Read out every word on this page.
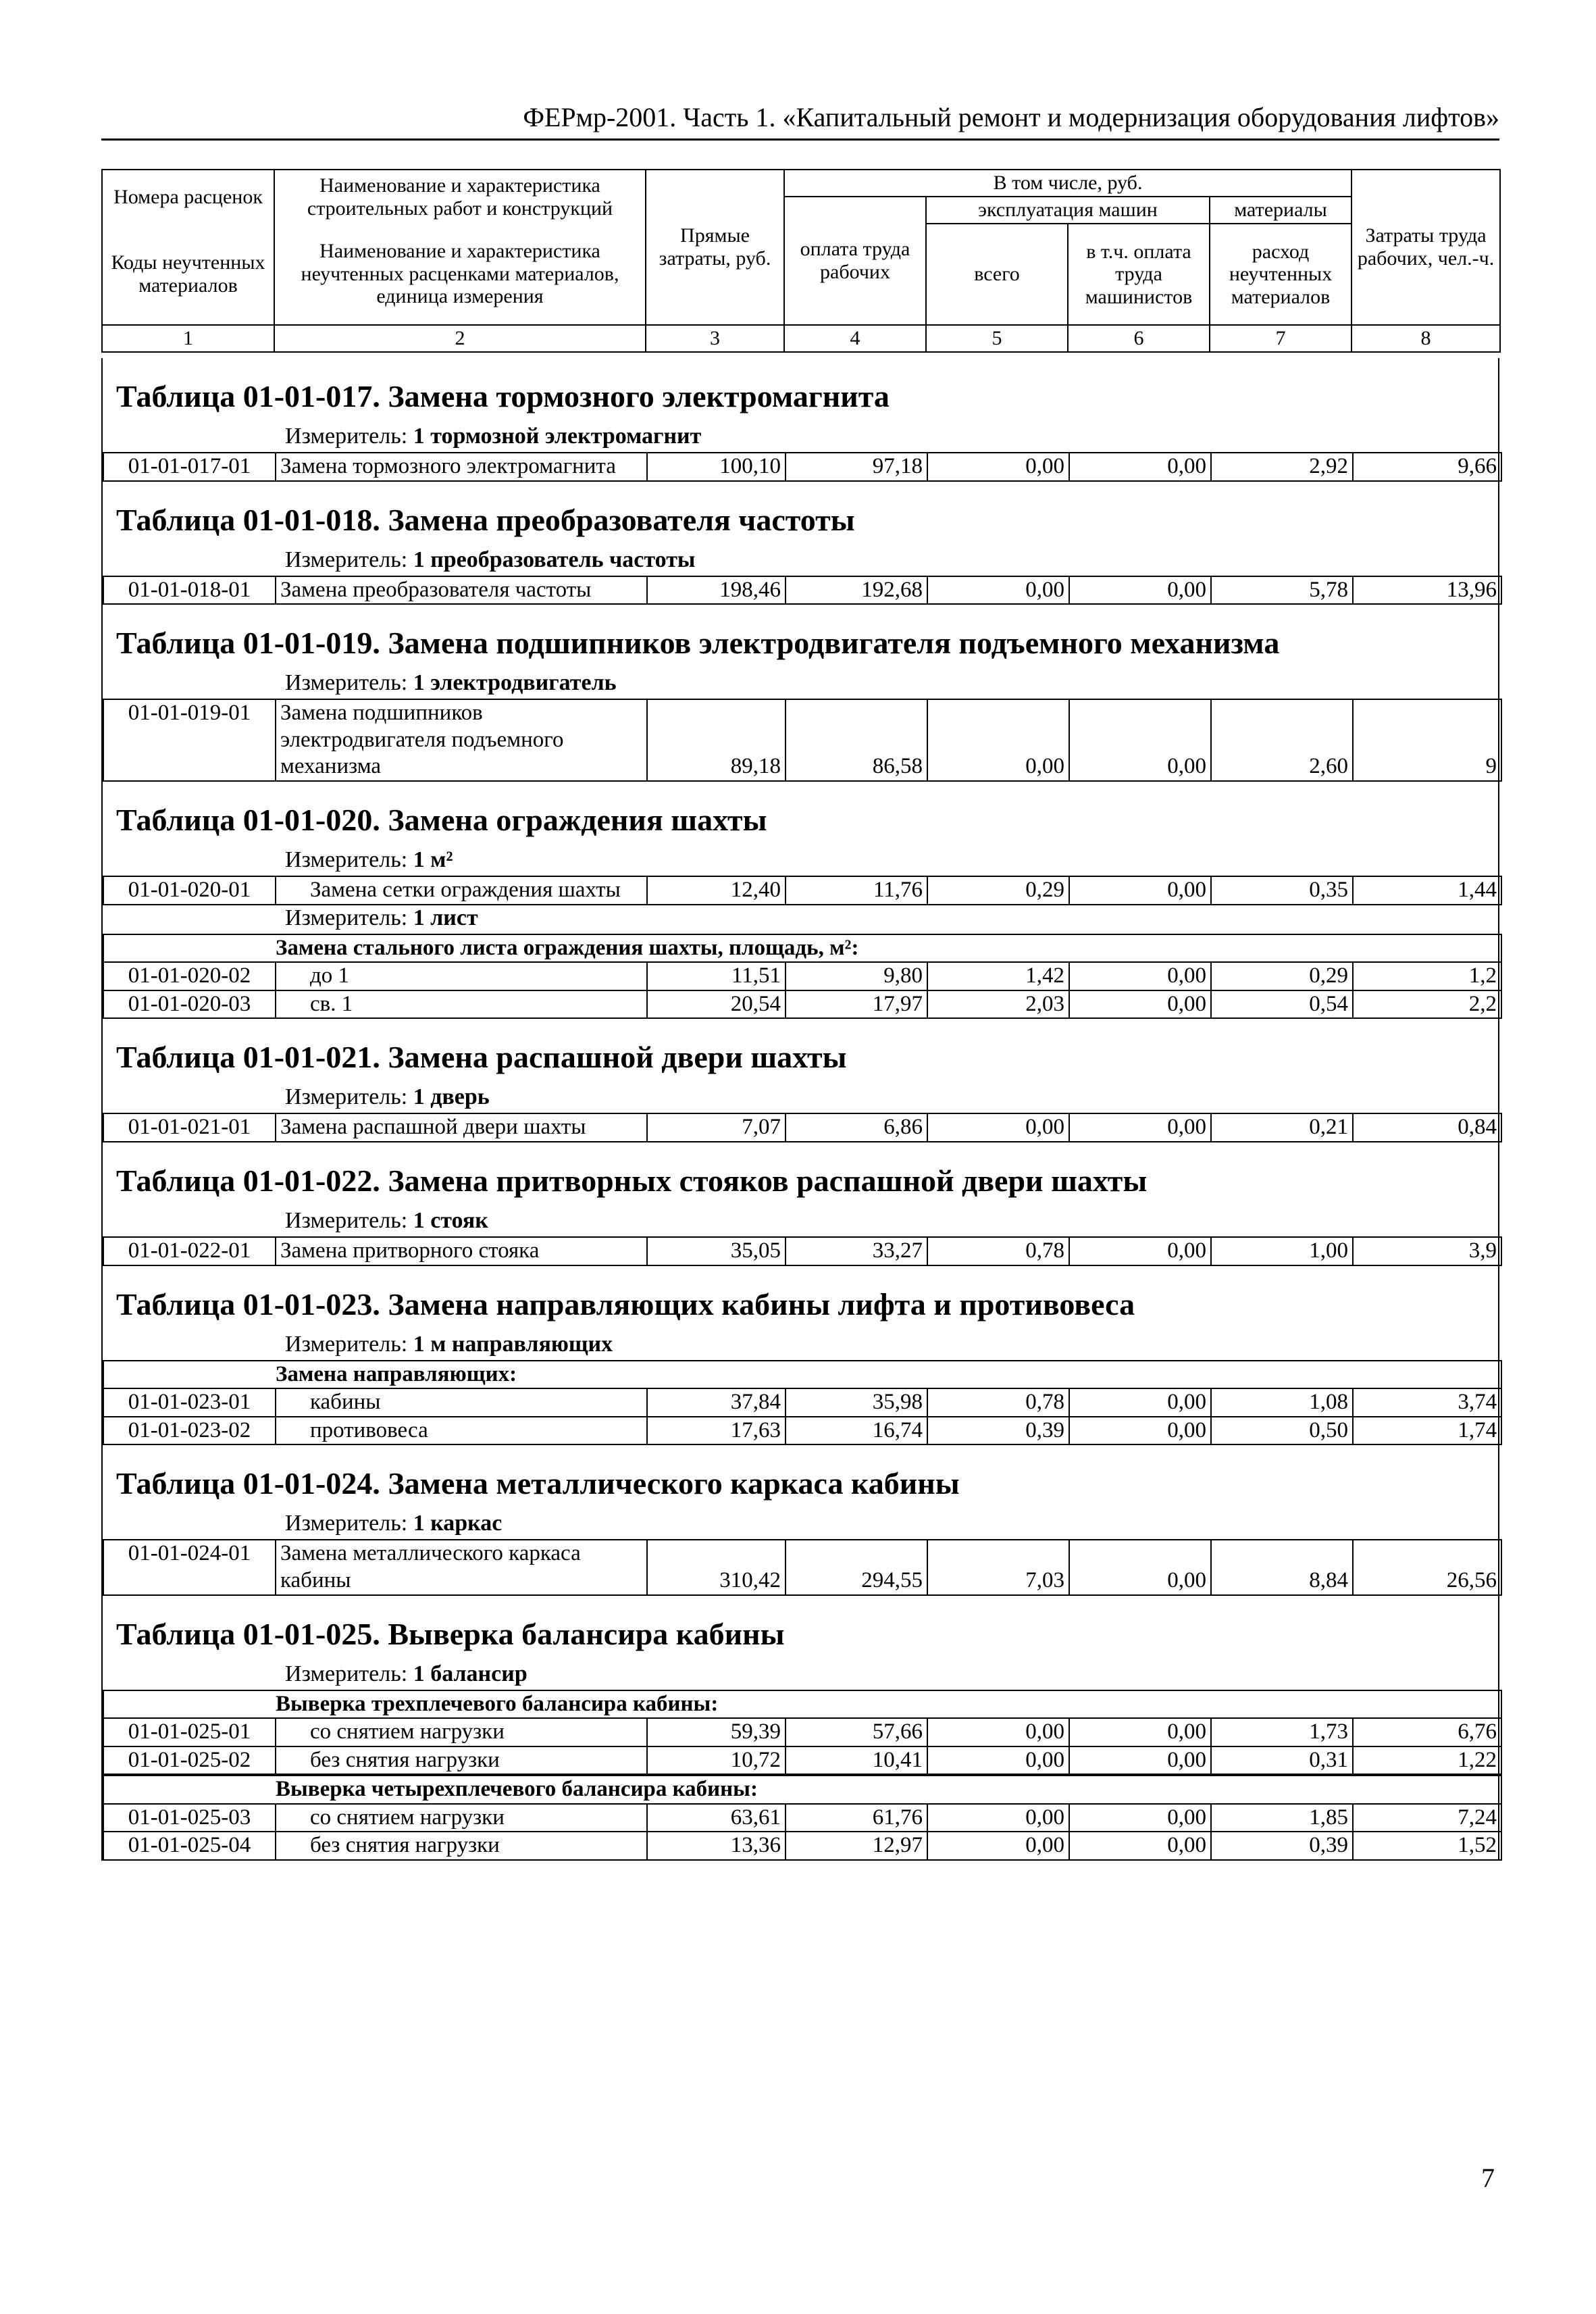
ФЕРмр-2001. Часть 1. «Капитальный ремонт и модернизация оборудования лифтов»
Номера расценок	Наименование и характеристика строительных работ и конструкций	Прямые затраты, руб.	В том числе, руб.				Затраты труда рабочих, чел.-ч.
			оплата труда рабочих	эксплуатация машин		материалы	
Коды неучтенных материалов	Наименование и характеристика неучтенных расценками материалов, единица измерения			всего	в т.ч. оплата труда машинистов	расход неучтенных материалов	

1	2	3	4	5	6	7	8
Таблица 01-01-017. Замена тормозного электромагнита
Измеритель: 1 тормозной электромагнит
01-01-017-01	Замена тормозного электромагнита	100,10	97,18	0,00	0,00	2,92	9,66
Таблица 01-01-018. Замена преобразователя частоты
Измеритель: 1 преобразователь частоты
01-01-018-01	Замена преобразователя частоты	198,46	192,68	0,00	0,00	5,78	13,96
Таблица 01-01-019. Замена подшипников электродвигателя подъемного механизма
Измеритель: 1 электродвигатель
01-01-019-01	Замена подшипников электродвигателя подъемного механизма	89,18	86,58	0,00	0,00	2,60	9
Таблица 01-01-020. Замена ограждения шахты
Измеритель: 1 м²
01-01-020-01	Замена сетки ограждения шахты	12,40	11,76	0,29	0,00	0,35	1,44
Измеритель: 1 лист
	Замена стального листа ограждения шахты, площадь, м²:						
01-01-020-02	до 1	11,51	9,80	1,42	0,00	0,29	1,2
01-01-020-03	св. 1	20,54	17,97	2,03	0,00	0,54	2,2
Таблица 01-01-021. Замена распашной двери шахты
Измеритель: 1 дверь
01-01-021-01	Замена распашной двери шахты	7,07	6,86	0,00	0,00	0,21	0,84
Таблица 01-01-022. Замена притворных стояков распашной двери шахты
Измеритель: 1 стояк
01-01-022-01	Замена притворного стояка	35,05	33,27	0,78	0,00	1,00	3,9
Таблица 01-01-023. Замена направляющих кабины лифта и противовеса
Измеритель: 1 м направляющих
	Замена направляющих:						
01-01-023-01	кабины	37,84	35,98	0,78	0,00	1,08	3,74
01-01-023-02	противовеса	17,63	16,74	0,39	0,00	0,50	1,74
Таблица 01-01-024. Замена металлического каркаса кабины
Измеритель: 1 каркас
01-01-024-01	Замена металлического каркаса кабины	310,42	294,55	7,03	0,00	8,84	26,56
Таблица 01-01-025. Выверка балансира кабины
Измеритель: 1 балансир
	Выверка трехплечевого балансира кабины:						
01-01-025-01	со снятием нагрузки	59,39	57,66	0,00	0,00	1,73	6,76
01-01-025-02	без снятия нагрузки	10,72	10,41	0,00	0,00	0,31	1,22
	Выверка четырехплечевого балансира кабины:						
01-01-025-03	со снятием нагрузки	63,61	61,76	0,00	0,00	1,85	7,24
01-01-025-04	без снятия нагрузки	13,36	12,97	0,00	0,00	0,39	1,52
7
